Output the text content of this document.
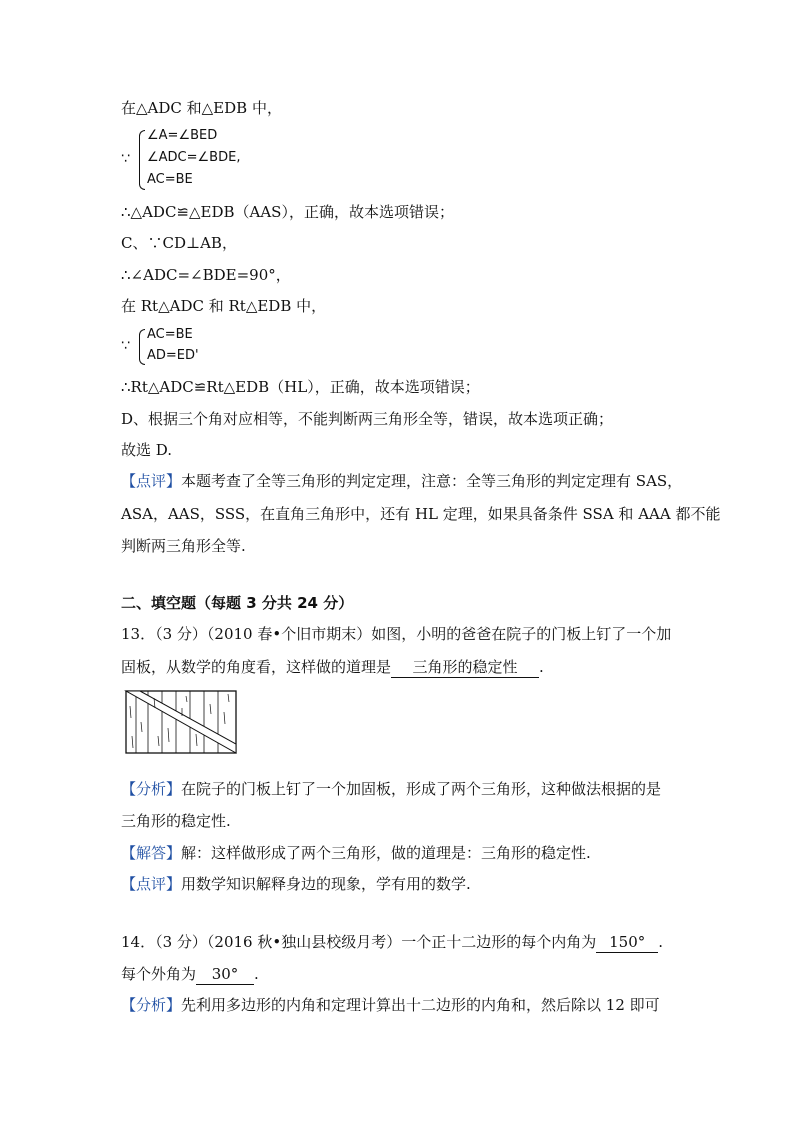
在△ADC 和△EDB 中，
∵
∠A=∠BED
∠ADC=∠BDE,
AC=BE
∴△ADC≌△EDB（AAS），正确，故本选项错误；
C、∵CD⊥AB，
∴∠ADC=∠BDE=90°，
在 Rt△ADC 和 Rt△EDB 中，
∵
AC=BE
AD=ED'
∴Rt△ADC≌Rt△EDB（HL），正确，故本选项错误；
D、根据三个角对应相等，不能判断两三角形全等，错误，故本选项正确；
故选 D.
【点评】本题考查了全等三角形的判定定理，注意：全等三角形的判定定理有 SAS，
ASA，AAS，SSS，在直角三角形中，还有 HL 定理，如果具备条件 SSA 和 AAA 都不能
判断两三角形全等.
二、填空题（每题 3 分共 24 分）
13．（3 分）（2010 春•个旧市期末）如图，小明的爸爸在院子的门板上钉了一个加
固板，从数学的角度看，这样做的道理是 三角形的稳定性 .
【分析】在院子的门板上钉了一个加固板，形成了两个三角形，这种做法根据的是
三角形的稳定性.
【解答】解：这样做形成了两个三角形，做的道理是：三角形的稳定性.
【点评】用数学知识解释身边的现象，学有用的数学.
14．（3 分）（2016 秋•独山县校级月考）一个正十二边形的每个内角为 150° .
每个外角为 30° .
【分析】先利用多边形的内角和定理计算出十二边形的内角和，然后除以 12 即可
